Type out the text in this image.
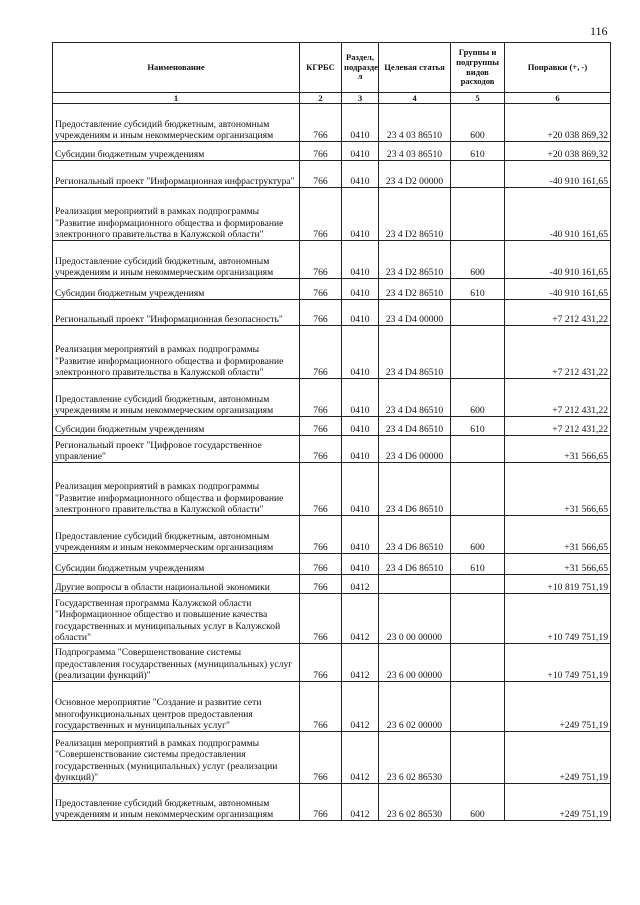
116
Наименование	КГРБС	Раздел, подразде л	Целевая статья	Группы и подгруппы видов расходов	Поправки (+, -)
1	2	3	4	5	6
Предоставление субсидий бюджетным, автономным учреждениям и иным некоммерческим организациям	766	0410	23 4 03 86510	600	+20 038 869,32
Субсидии бюджетным учреждениям	766	0410	23 4 03 86510	610	+20 038 869,32
Региональный проект "Информационная инфраструктура"	766	0410	23 4 D2 00000		-40 910 161,65
Реализация мероприятий в рамках подпрограммы "Развитие информационного общества и формирование электронного правительства в Калужской области"	766	0410	23 4 D2 86510		-40 910 161,65
Предоставление субсидий бюджетным, автономным учреждениям и иным некоммерческим организациям	766	0410	23 4 D2 86510	600	-40 910 161,65
Субсидии бюджетным учреждениям	766	0410	23 4 D2 86510	610	-40 910 161,65
Региональный проект "Информационная безопасность"	766	0410	23 4 D4 00000		+7 212 431,22
Реализация мероприятий в рамках подпрограммы "Развитие информационного общества и формирование электронного правительства в Калужской области"	766	0410	23 4 D4 86510		+7 212 431,22
Предоставление субсидий бюджетным, автономным учреждениям и иным некоммерческим организациям	766	0410	23 4 D4 86510	600	+7 212 431,22
Субсидии бюджетным учреждениям	766	0410	23 4 D4 86510	610	+7 212 431,22
Региональный проект "Цифровое государственное управление"	766	0410	23 4 D6 00000		+31 566,65
Реализация мероприятий в рамках подпрограммы "Развитие информационного общества и формирование электронного правительства в Калужской области"	766	0410	23 4 D6 86510		+31 566,65
Предоставление субсидий бюджетным, автономным учреждениям и иным некоммерческим организациям	766	0410	23 4 D6 86510	600	+31 566,65
Субсидии бюджетным учреждениям	766	0410	23 4 D6 86510	610	+31 566,65
Другие вопросы в области национальной экономики	766	0412			+10 819 751,19
Государственная программа Калужской области "Информационное общество и повышение качества государственных и муниципальных услуг в Калужской области"	766	0412	23 0 00 00000		+10 749 751,19
Подпрограмма "Совершенствование системы предоставления государственных (муниципальных) услуг (реализации функций)"	766	0412	23 6 00 00000		+10 749 751,19
Основное мероприятие "Создание и развитие сети многофункциональных центров предоставления государственных и муниципальных услуг"	766	0412	23 6 02 00000		+249 751,19
Реализация мероприятий в рамках подпрограммы "Совершенствование системы предоставления государственных (муниципальных) услуг (реализации функций)"	766	0412	23 6 02 86530		+249 751,19
Предоставление субсидий бюджетным, автономным учреждениям и иным некоммерческим организациям	766	0412	23 6 02 86530	600	+249 751,19
